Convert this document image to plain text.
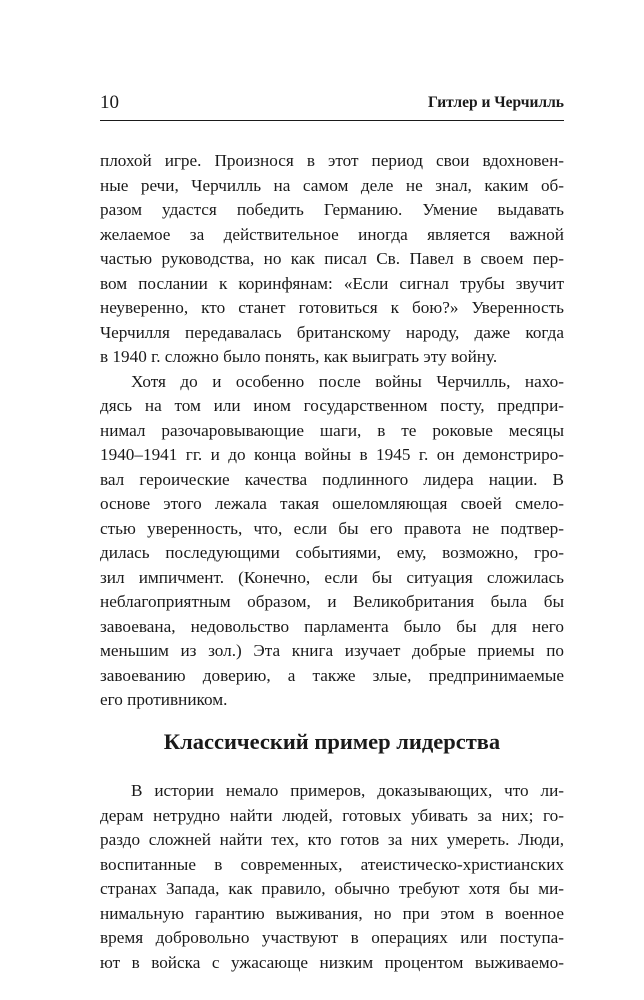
10	Гитлер и Черчилль
плохой игре. Произнося в этот период свои вдохновен-
ные речи, Черчилль на самом деле не знал, каким об-
разом удастся победить Германию. Умение выдавать
желаемое за действительное иногда является важной
частью руководства, но как писал Св. Павел в своем пер-
вом послании к коринфянам: «Если сигнал трубы звучит
неуверенно, кто станет готовиться к бою?» Уверенность
Черчилля передавалась британскому народу, даже когда
в 1940 г. сложно было понять, как выиграть эту войну.
Хотя до и особенно после войны Черчилль, нахо-
дясь на том или ином государственном посту, предпри-
нимал разочаровывающие шаги, в те роковые месяцы
1940–1941 гг. и до конца войны в 1945 г. он демонстриро-
вал героические качества подлинного лидера нации. В
основе этого лежала такая ошеломляющая своей смело-
стью уверенность, что, если бы его правота не подтвер-
дилась последующими событиями, ему, возможно, гро-
зил импичмент. (Конечно, если бы ситуация сложилась
неблагоприятным образом, и Великобритания была бы
завоевана, недовольство парламента было бы для него
меньшим из зол.) Эта книга изучает добрые приемы по
завоеванию доверию, а также злые, предпринимаемые
его противником.
Классический пример лидерства
В истории немало примеров, доказывающих, что ли-
дерам нетрудно найти людей, готовых убивать за них; го-
раздо сложней найти тех, кто готов за них умереть. Люди,
воспитанные в современных, атеистическо-христианских
странах Запада, как правило, обычно требуют хотя бы ми-
нимальную гарантию выживания, но при этом в военное
время добровольно участвуют в операциях или поступа-
ют в войска с ужасающе низким процентом выживаемо-
